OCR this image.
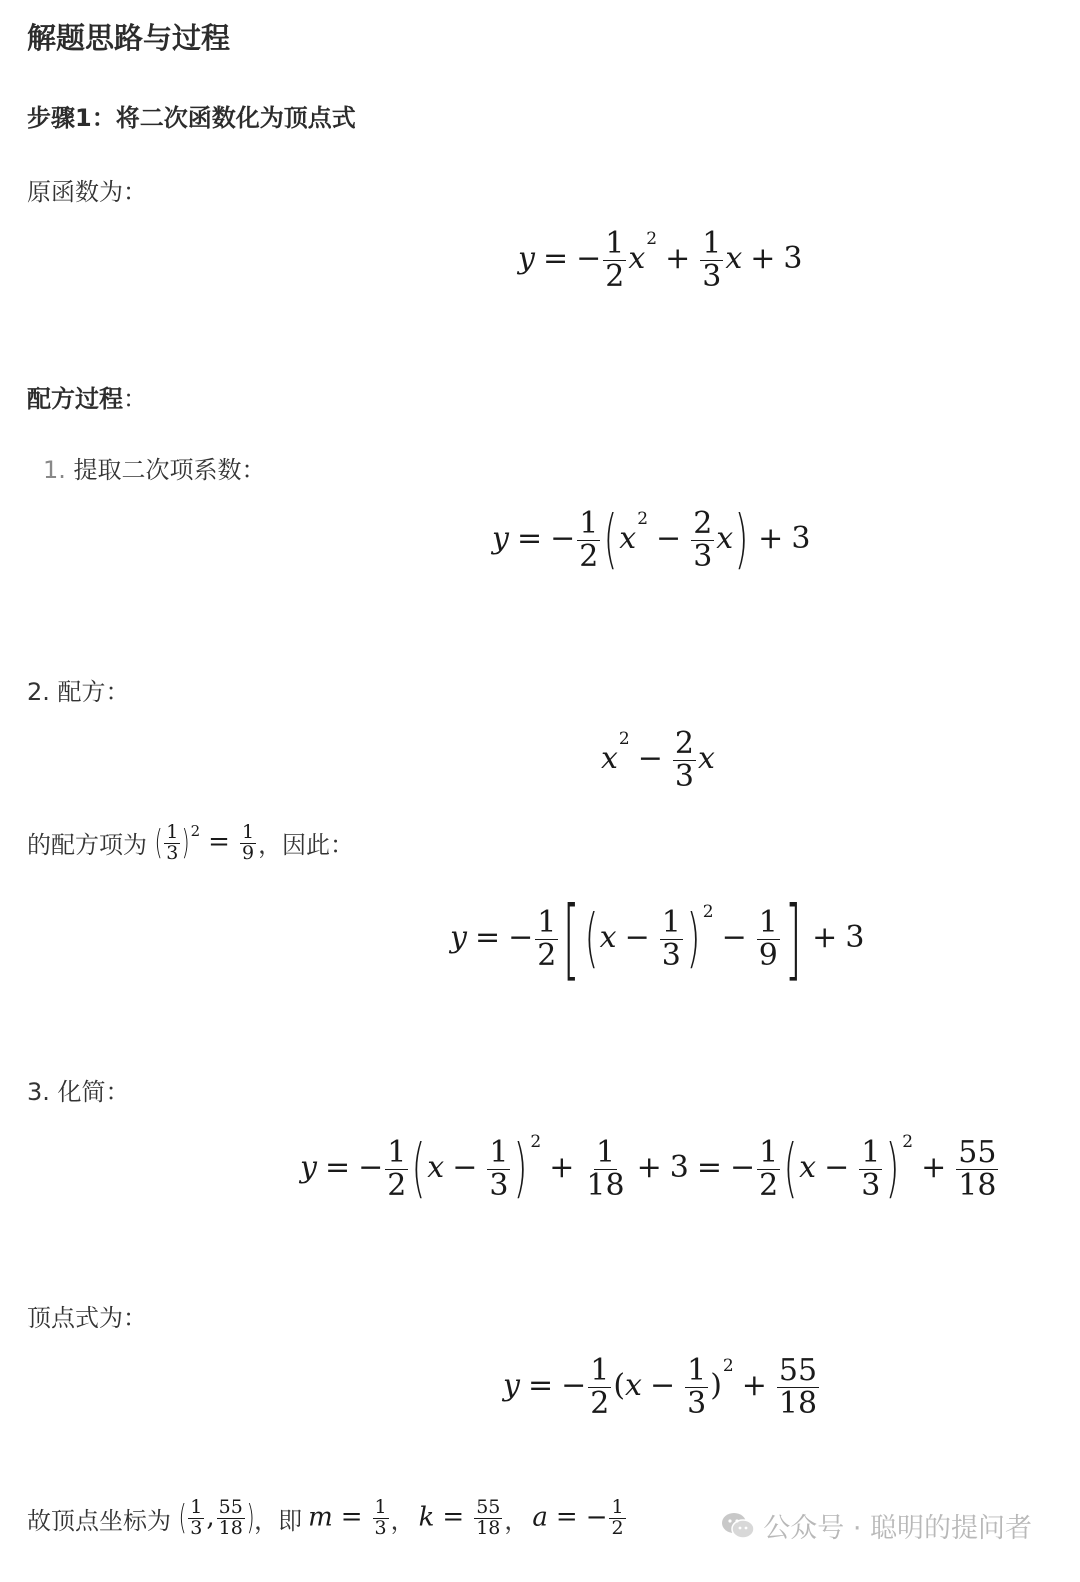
解题思路与过程
步骤1：将二次函数化为顶点式
原函数为：
y = − $\frac{1}{2} x^2+ \frac{1}{3}$ x + 3
配方过程：
1. 提取二次项系数：
y = − $\frac{1}{2} (x^2- \frac{2}{3} x) + 3$
2. 配方：
$x^2- \frac{2}{3}$ x
的配方项为 ( $\frac{1}{3} )^2 = \frac{1}{9}$ ，因此：
y = − $\frac{1}{2} [(x - \frac{1}{3}$ ) $^2- \frac{1}{9}$ ] + 3
3. 化简：
y = − $\frac{1}{2} (x - \frac{1}{3}$ ) $^2+ \frac{1}{18} + 3$ = − $\frac{1}{2} (x - \frac{1}{3}$ ) $^2+ \frac{55}{18}$
顶点式为：
y = − $\frac{1}{2} (x - \frac{1}{3} )^2+ \frac{55}{18}$
故顶点坐标为 ( $\frac{1}{3}$ , $\frac{55}{18}$ ) ，即 $m = \frac{1}{3}$ ， $k = \frac{55}{18}$ ， a = − $\frac{1}{2}$	公众号 · 聪明的提问者
